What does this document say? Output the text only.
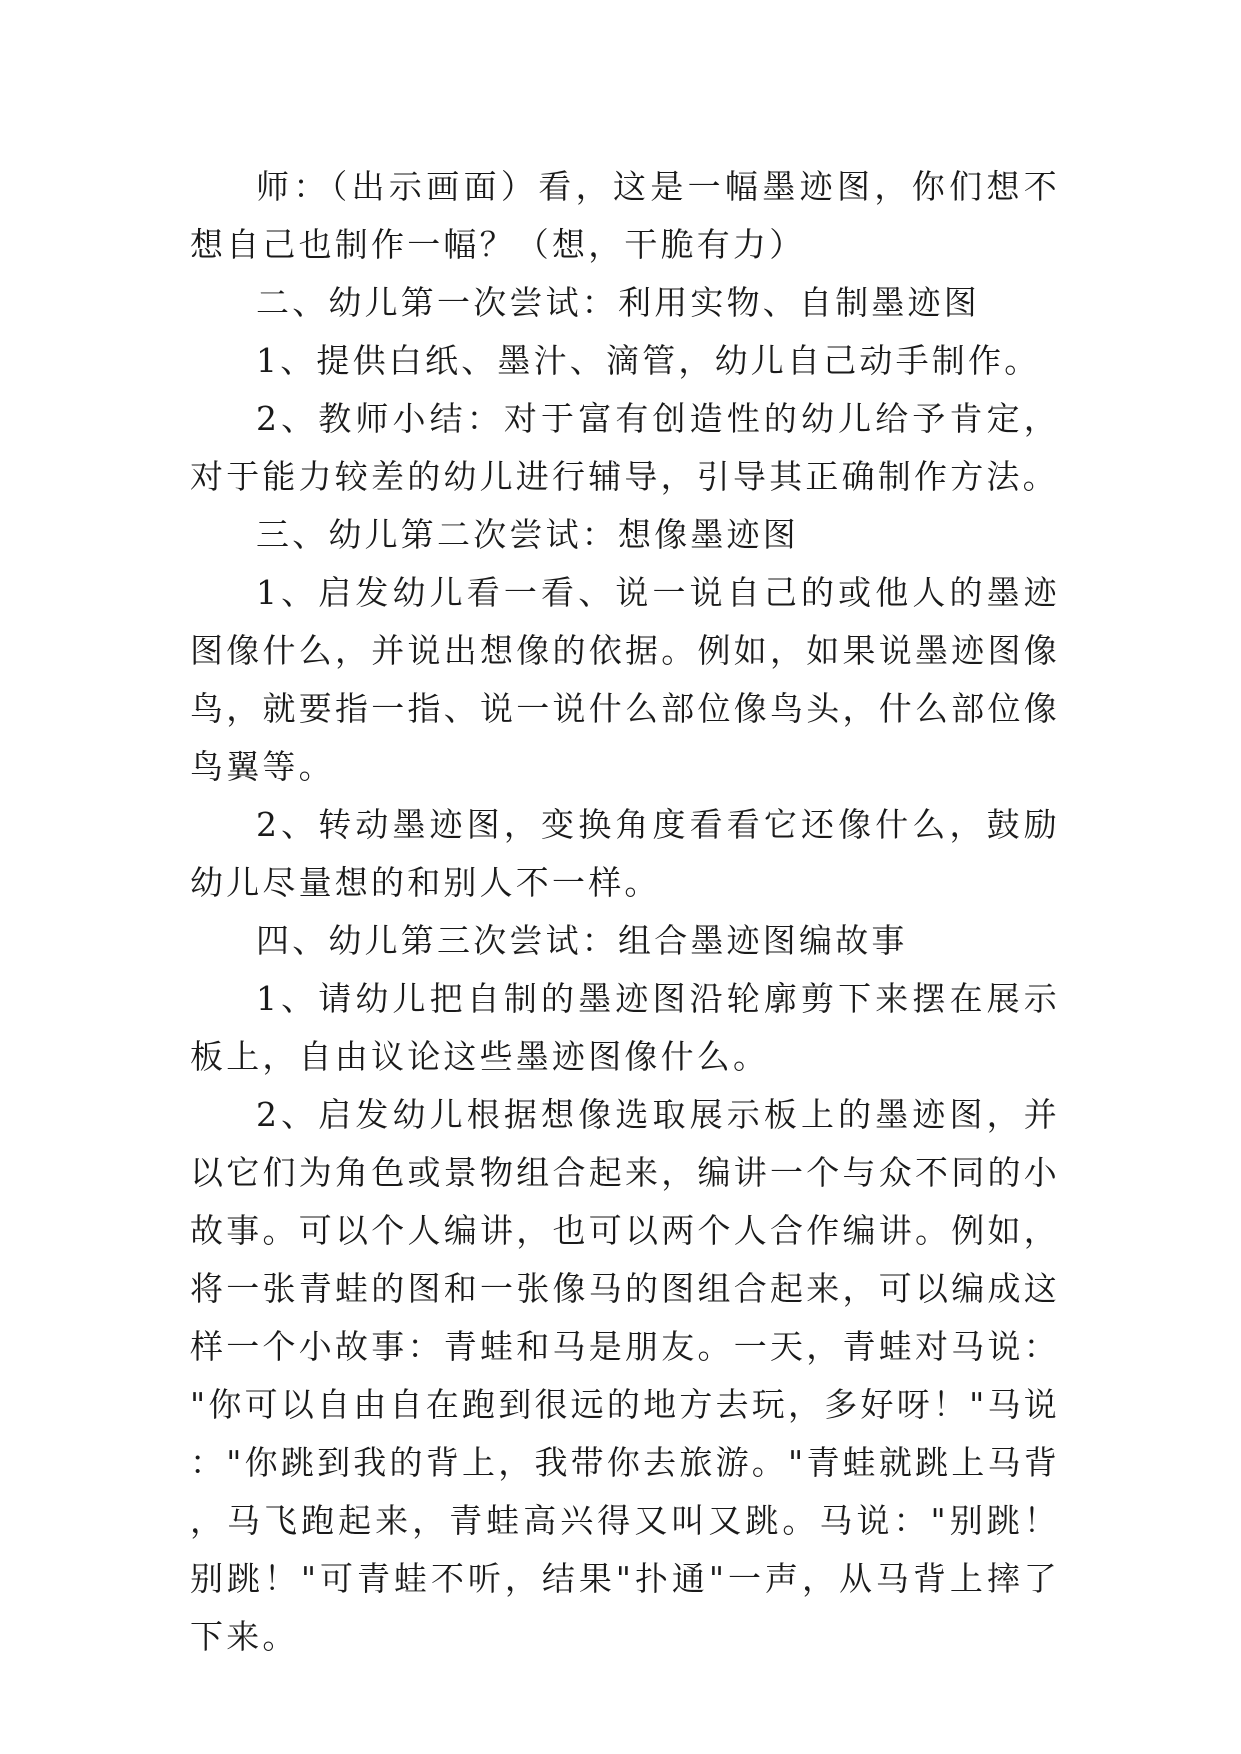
师：（出示画面）看，这是一幅墨迹图，你们想不想自己也制作一幅？（想，干脆有力）

二、幼儿第一次尝试：利用实物、自制墨迹图

1、提供白纸、墨汁、滴管，幼儿自己动手制作。

2、教师小结：对于富有创造性的幼儿给予肯定，对于能力较差的幼儿进行辅导，引导其正确制作方法。

三、幼儿第二次尝试：想像墨迹图

1、启发幼儿看一看、说一说自己的或他人的墨迹图像什么，并说出想像的依据。例如，如果说墨迹图像鸟，就要指一指、说一说什么部位像鸟头，什么部位像鸟翼等。

2、转动墨迹图，变换角度看看它还像什么，鼓励幼儿尽量想的和别人不一样。

四、幼儿第三次尝试：组合墨迹图编故事

1、请幼儿把自制的墨迹图沿轮廓剪下来摆在展示板上，自由议论这些墨迹图像什么。

2、启发幼儿根据想像选取展示板上的墨迹图，并以它们为角色或景物组合起来，编讲一个与众不同的小故事。可以个人编讲，也可以两个人合作编讲。例如，将一张青蛙的图和一张像马的图组合起来，可以编成这样一个小故事：青蛙和马是朋友。一天，青蛙对马说："你可以自由自在跑到很远的地方去玩，多好呀！"马说："你跳到我的背上，我带你去旅游。"青蛙就跳上马背，马飞跑起来，青蛙高兴得又叫又跳。马说："别跳！别跳！"可青蛙不听，结果"扑通"一声，从马背上摔了下来。
